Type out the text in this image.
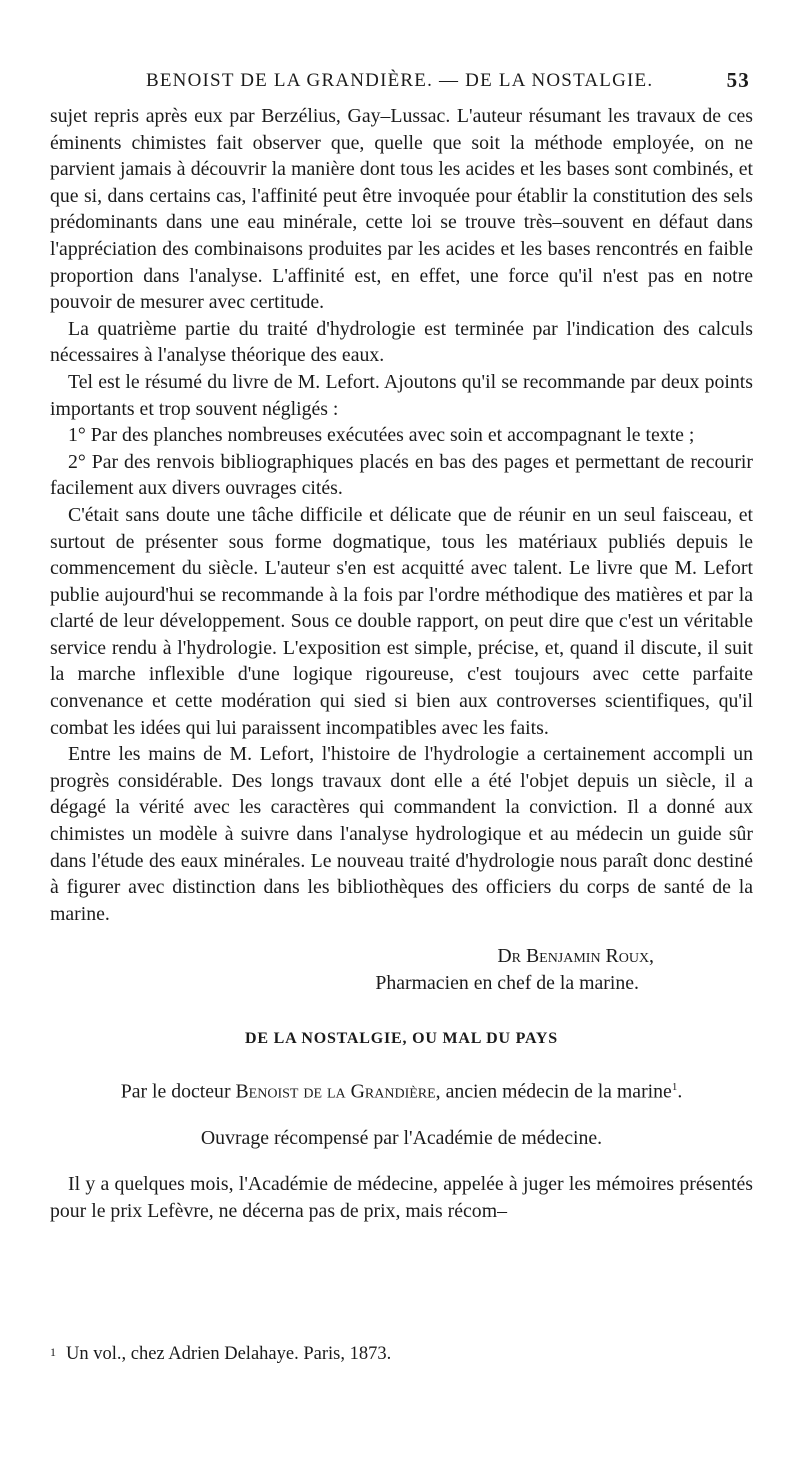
BENOIST DE LA GRANDIÈRE. — DE LA NOSTALGIE.	53

sujet repris après eux par Berzélius, Gay–Lussac. L'auteur résumant les travaux de ces éminents chimistes fait observer que, quelle que soit la méthode employée, on ne parvient jamais à découvrir la manière dont tous les acides et les bases sont combinés, et que si, dans certains cas, l'affinité peut être invoquée pour établir la constitution des sels prédominants dans une eau minérale, cette loi se trouve très–souvent en défaut dans l'appréciation des combinaisons produites par les acides et les bases rencontrés en faible proportion dans l'analyse. L'affinité est, en effet, une force qu'il n'est pas en notre pouvoir de mesurer avec certitude.

La quatrième partie du traité d'hydrologie est terminée par l'indication des calculs nécessaires à l'analyse théorique des eaux.

Tel est le résumé du livre de M. Lefort. Ajoutons qu'il se recommande par deux points importants et trop souvent négligés :

1° Par des planches nombreuses exécutées avec soin et accompagnant le texte ;

2° Par des renvois bibliographiques placés en bas des pages et permettant de recourir facilement aux divers ouvrages cités.

C'était sans doute une tâche difficile et délicate que de réunir en un seul faisceau, et surtout de présenter sous forme dogmatique, tous les matériaux publiés depuis le commencement du siècle. L'auteur s'en est acquitté avec talent. Le livre que M. Lefort publie aujourd'hui se recommande à la fois par l'ordre méthodique des matières et par la clarté de leur développement. Sous ce double rapport, on peut dire que c'est un véritable service rendu à l'hydrologie. L'exposition est simple, précise, et, quand il discute, il suit la marche inflexible d'une logique rigoureuse, c'est toujours avec cette parfaite convenance et cette modération qui sied si bien aux controverses scientifiques, qu'il combat les idées qui lui paraissent incompatibles avec les faits.

Entre les mains de M. Lefort, l'histoire de l'hydrologie a certainement accompli un progrès considérable. Des longs travaux dont elle a été l'objet depuis un siècle, il a dégagé la vérité avec les caractères qui commandent la conviction. Il a donné aux chimistes un modèle à suivre dans l'analyse hydrologique et au médecin un guide sûr dans l'étude des eaux minérales. Le nouveau traité d'hydrologie nous paraît donc destiné à figurer avec distinction dans les bibliothèques des officiers du corps de santé de la marine.

Dr Benjamin Roux,
Pharmacien en chef de la marine.
DE LA NOSTALGIE, OU MAL DU PAYS
Par le docteur Benoist de la Grandière, ancien médecin de la marine$^1$.
Ouvrage récompensé par l'Académie de médecine.

Il y a quelques mois, l'Académie de médecine, appelée à juger les mémoires présentés pour le prix Lefèvre, ne décerna pas de prix, mais récom–

$^1$ Un vol., chez Adrien Delahaye. Paris, 1873.
